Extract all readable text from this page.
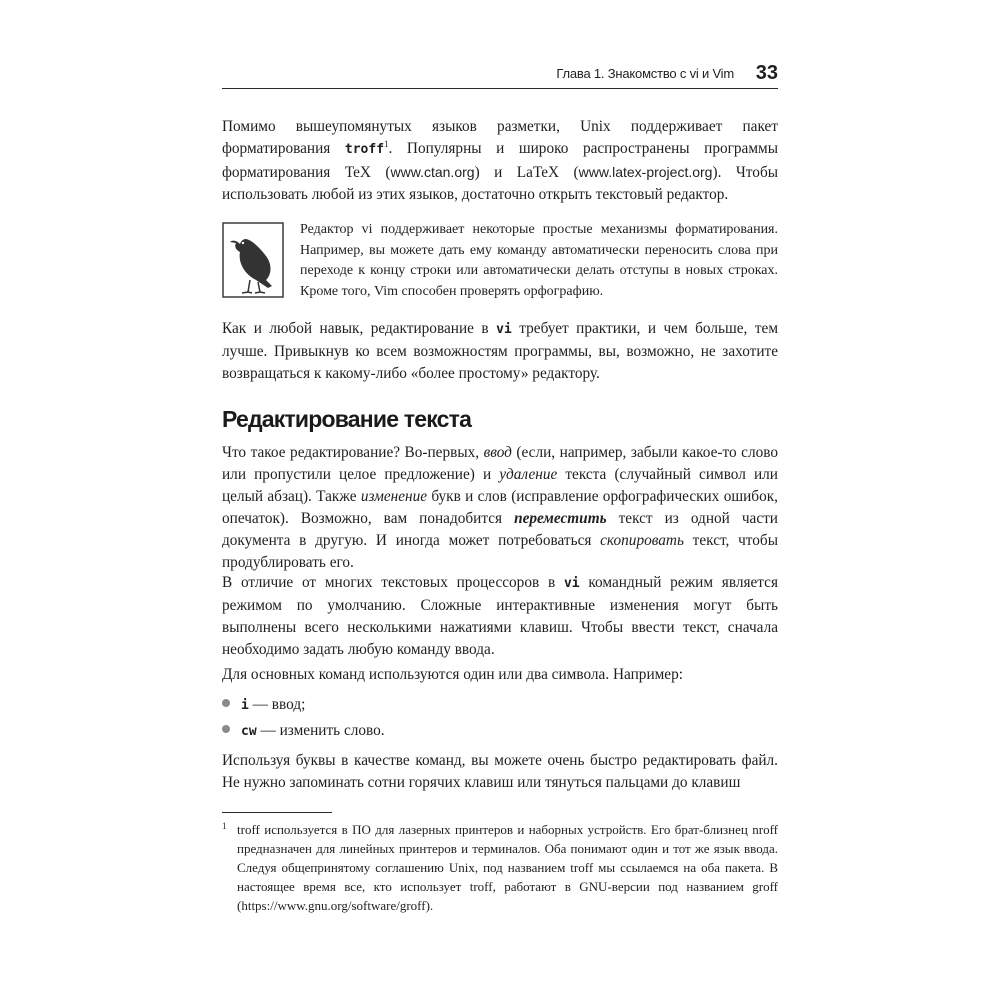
Глава 1. Знакомство с vi и Vim 33
Помимо вышеупомянутых языков разметки, Unix поддерживает пакет форматирования troff$^1$. Популярны и широко распространены программы форматирования TeX (www.ctan.org) и LaTeX (www.latex-project.org). Чтобы использовать любой из этих языков, достаточно открыть текстовый редактор.
Редактор vi поддерживает некоторые простые механизмы форматирования. Например, вы можете дать ему команду автоматически переносить слова при переходе к концу строки или автоматически делать отступы в новых строках. Кроме того, Vim способен проверять орфографию.
Как и любой навык, редактирование в vi требует практики, и чем больше, тем лучше. Привыкнув ко всем возможностям программы, вы, возможно, не захотите возвращаться к какому-либо «более простому» редактору.
Редактирование текста
Что такое редактирование? Во-первых, ввод (если, например, забыли какое-то слово или пропустили целое предложение) и удаление текста (случайный символ или целый абзац). Также изменение букв и слов (исправление орфографических ошибок, опечаток). Возможно, вам понадобится переместить текст из одной части документа в другую. И иногда может потребоваться скопировать текст, чтобы продублировать его.
В отличие от многих текстовых процессоров в vi командный режим является режимом по умолчанию. Сложные интерактивные изменения могут быть выполнены всего несколькими нажатиями клавиш. Чтобы ввести текст, сначала необходимо задать любую команду ввода.
Для основных команд используются один или два символа. Например:
i — ввод;
cw — изменить слово.
Используя буквы в качестве команд, вы можете очень быстро редактировать файл. Не нужно запоминать сотни горячих клавиш или тянуться пальцами до клавиш
1 troff используется в ПО для лазерных принтеров и наборных устройств. Его брат-близнец nroff предназначен для линейных принтеров и терминалов. Оба понимают один и тот же язык ввода. Следуя общепринятому соглашению Unix, под названием troff мы ссылаемся на оба пакета. В настоящее время все, кто использует troff, работают в GNU-версии под названием groff (https://www.gnu.org/software/groff).
